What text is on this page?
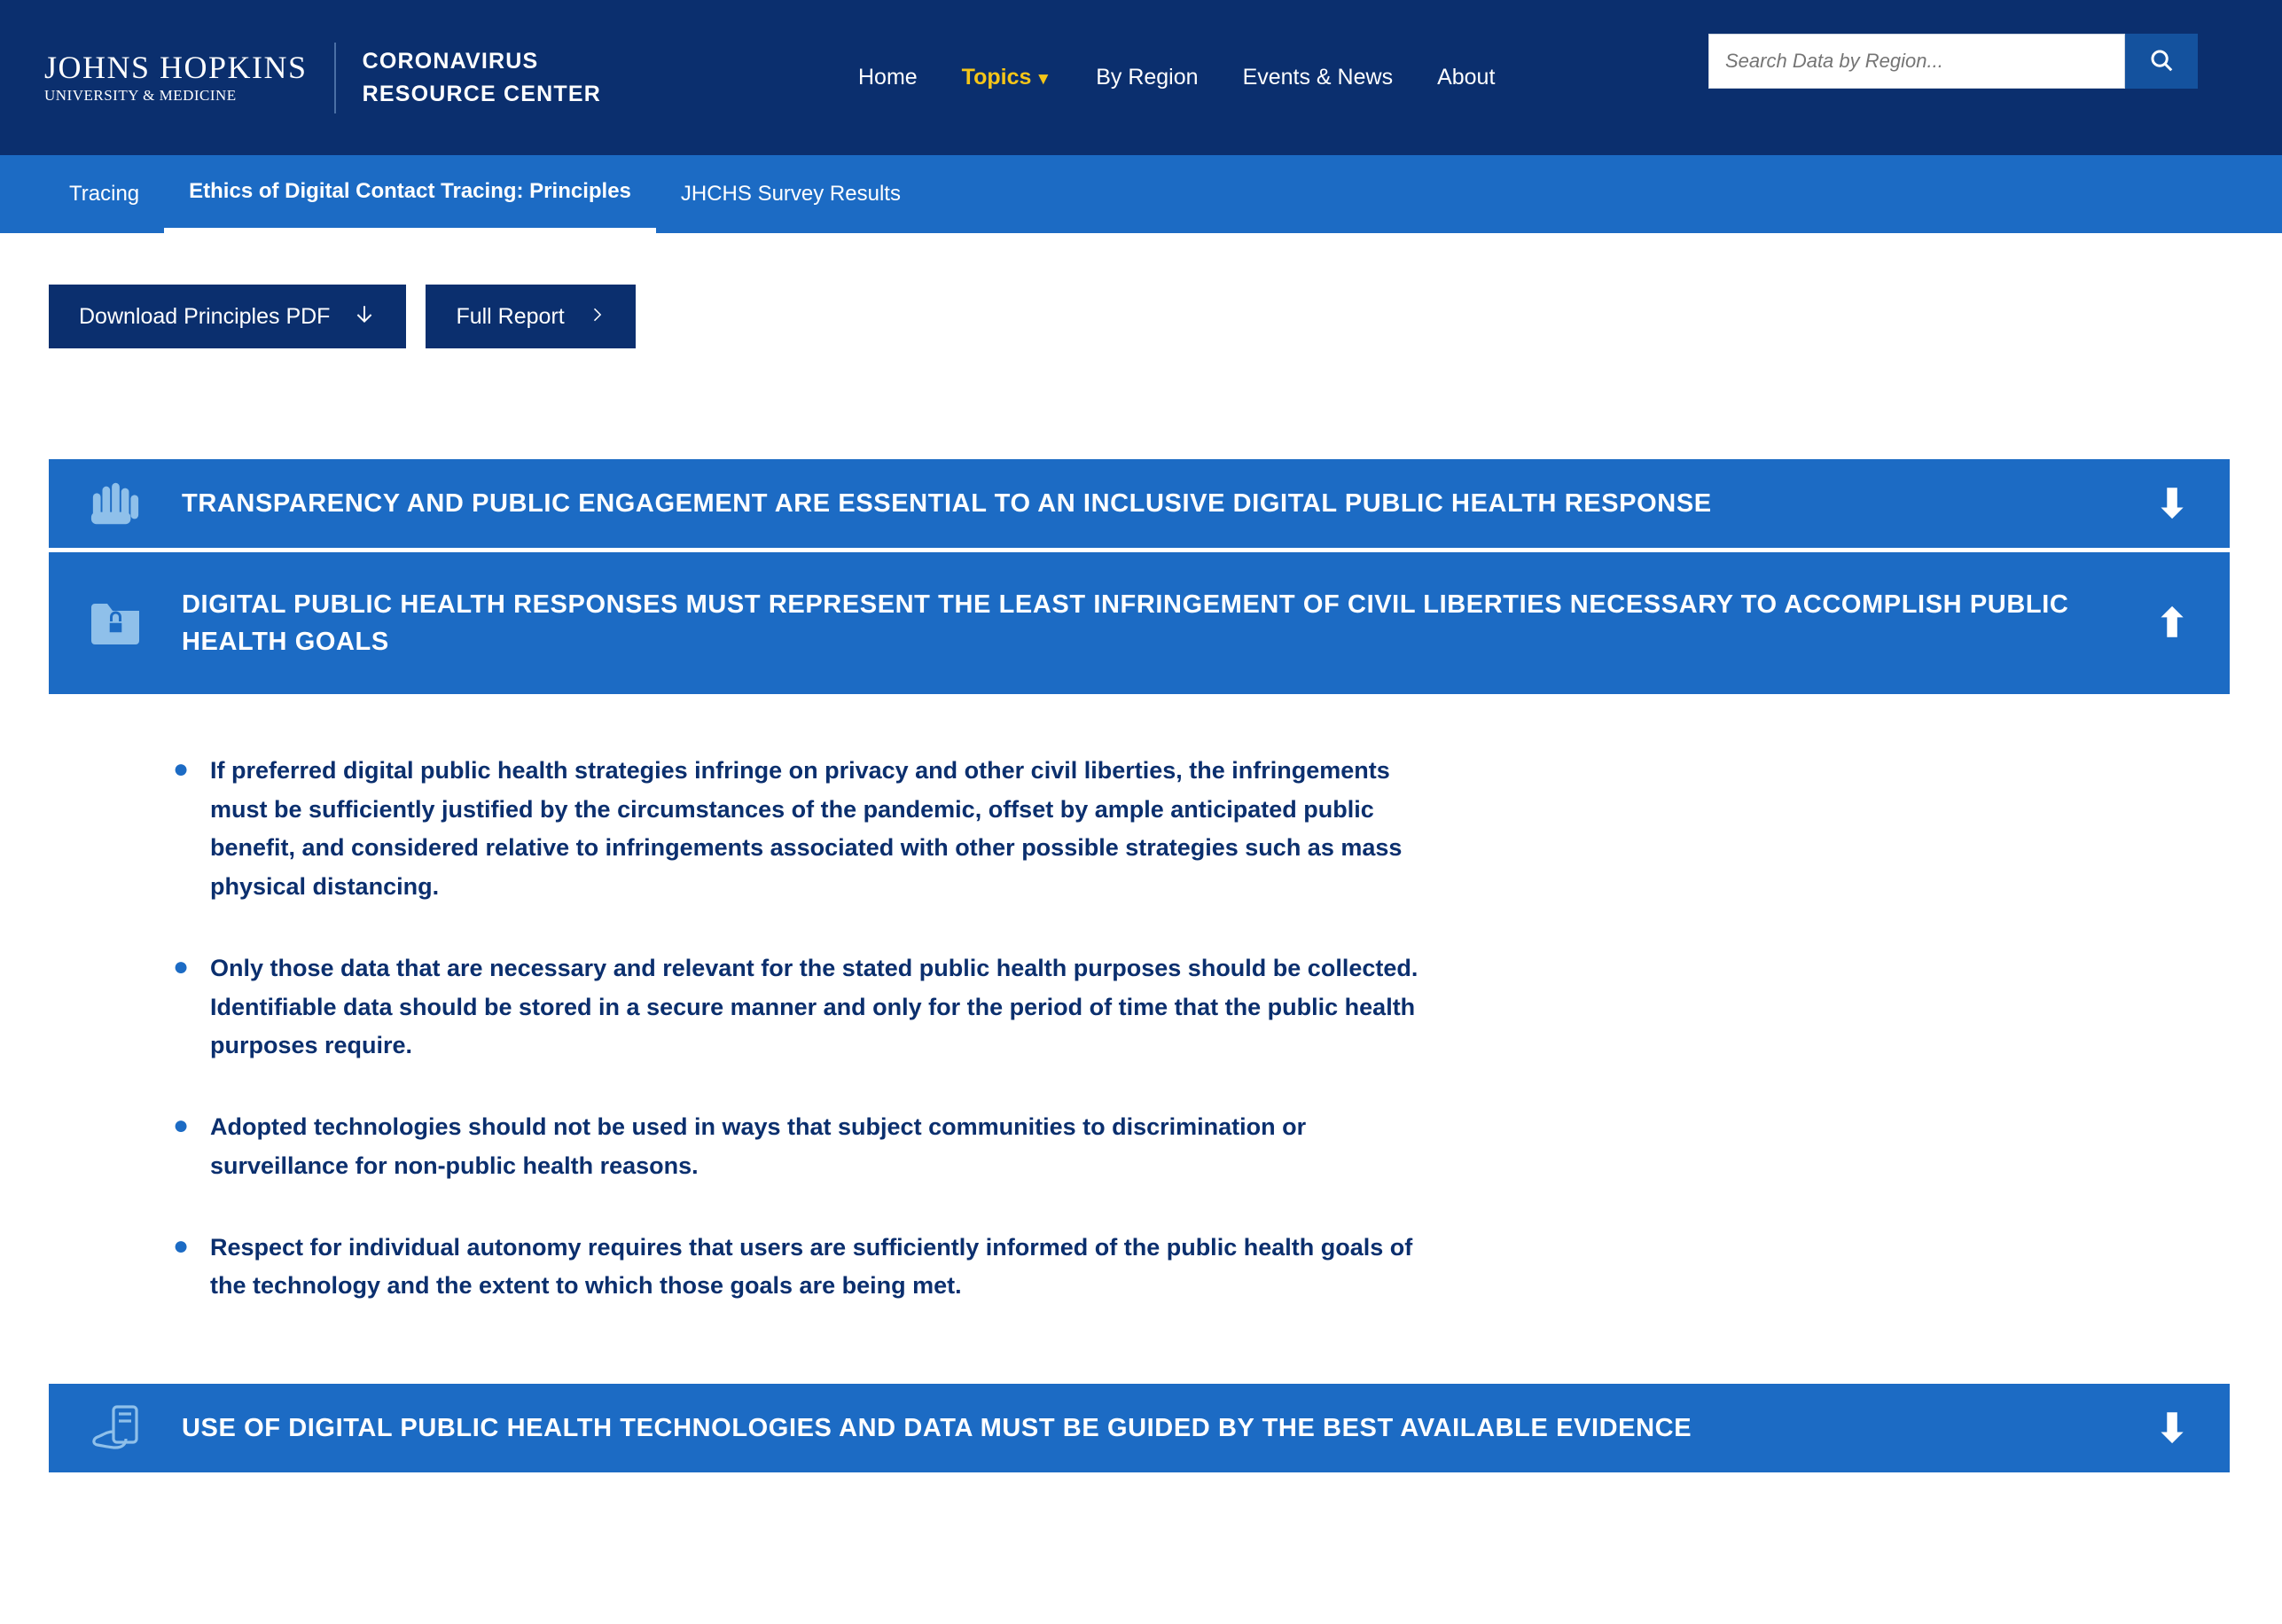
JOHNS HOPKINS
UNIVERSITY & MEDICINE
CORONAVIRUS
RESOURCE CENTER
Home Topics ▼ By Region Events & News About
Search Data by Region...
Tracing	Ethics of Digital Contact Tracing: Principles	JHCHS Survey Results
Download Principles PDF	Full Report
TRANSPARENCY AND PUBLIC ENGAGEMENT ARE ESSENTIAL TO AN INCLUSIVE DIGITAL PUBLIC HEALTH RESPONSE	⬇
DIGITAL PUBLIC HEALTH RESPONSES MUST REPRESENT THE LEAST INFRINGEMENT OF CIVIL LIBERTIES NECESSARY TO ACCOMPLISH PUBLIC HEALTH GOALS	⬆
● If preferred digital public health strategies infringe on privacy and other civil liberties, the infringements must be sufficiently justified by the circumstances of the pandemic, offset by ample anticipated public benefit, and considered relative to infringements associated with other possible strategies such as mass physical distancing.
● Only those data that are necessary and relevant for the stated public health purposes should be collected. Identifiable data should be stored in a secure manner and only for the period of time that the public health purposes require.
● Adopted technologies should not be used in ways that subject communities to discrimination or surveillance for non-public health reasons.
● Respect for individual autonomy requires that users are sufficiently informed of the public health goals of the technology and the extent to which those goals are being met.
USE OF DIGITAL PUBLIC HEALTH TECHNOLOGIES AND DATA MUST BE GUIDED BY THE BEST AVAILABLE EVIDENCE	⬇
